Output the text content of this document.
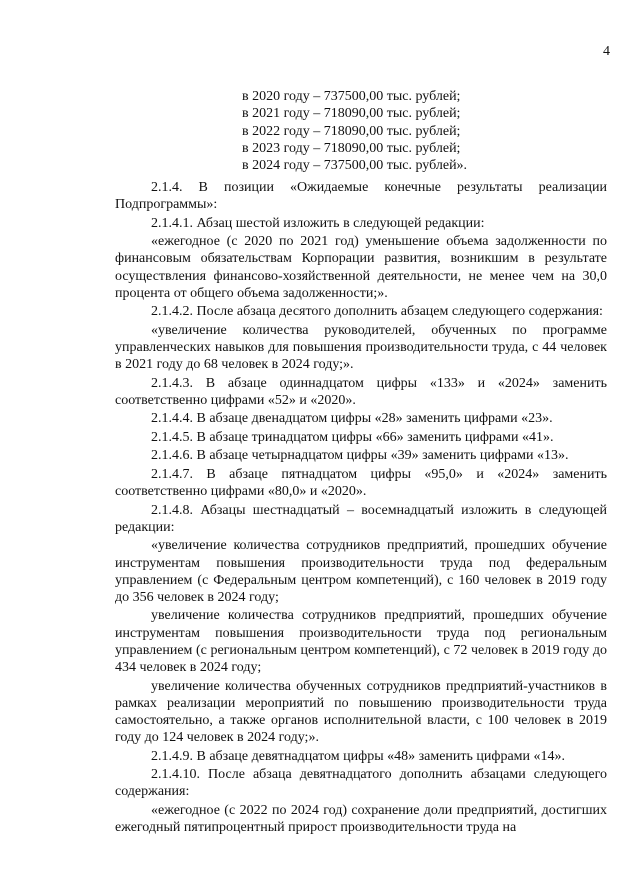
4
в 2020 году – 737500,00 тыс. рублей;
в 2021 году – 718090,00 тыс. рублей;
в 2022 году – 718090,00 тыс. рублей;
в 2023 году – 718090,00 тыс. рублей;
в 2024 году – 737500,00 тыс. рублей».

2.1.4. В позиции «Ожидаемые конечные результаты реализации Подпрограммы»:

2.1.4.1. Абзац шестой изложить в следующей редакции:

«ежегодное (с 2020 по 2021 год) уменьшение объема задолженности по финансовым обязательствам Корпорации развития, возникшим в результате осуществления финансово-хозяйственной деятельности, не менее чем на 30,0 процента от общего объема задолженности;».

2.1.4.2. После абзаца десятого дополнить абзацем следующего содержания:

«увеличение количества руководителей, обученных по программе управленческих навыков для повышения производительности труда, с 44 человек в 2021 году до 68 человек в 2024 году;».

2.1.4.3. В абзаце одиннадцатом цифры «133» и «2024» заменить соответственно цифрами «52» и «2020».

2.1.4.4. В абзаце двенадцатом цифры «28» заменить цифрами «23».

2.1.4.5. В абзаце тринадцатом цифры «66» заменить цифрами «41».

2.1.4.6. В абзаце четырнадцатом цифры «39» заменить цифрами «13».

2.1.4.7. В абзаце пятнадцатом цифры «95,0» и «2024» заменить соответственно цифрами «80,0» и «2020».

2.1.4.8. Абзацы шестнадцатый – восемнадцатый изложить в следующей редакции:

«увеличение количества сотрудников предприятий, прошедших обучение инструментам повышения производительности труда под федеральным управлением (с Федеральным центром компетенций), с 160 человек в 2019 году до 356 человек в 2024 году;

увеличение количества сотрудников предприятий, прошедших обучение инструментам повышения производительности труда под региональным управлением (с региональным центром компетенций), с 72 человек в 2019 году до 434 человек в 2024 году;

увеличение количества обученных сотрудников предприятий-участников в рамках реализации мероприятий по повышению производительности труда самостоятельно, а также органов исполнительной власти, с 100 человек в 2019 году до 124 человек в 2024 году;».

2.1.4.9. В абзаце девятнадцатом цифры «48» заменить цифрами «14».

2.1.4.10. После абзаца девятнадцатого дополнить абзацами следующего содержания:

«ежегодное (с 2022 по 2024 год) сохранение доли предприятий, достигших ежегодный пятипроцентный прирост производительности труда на
